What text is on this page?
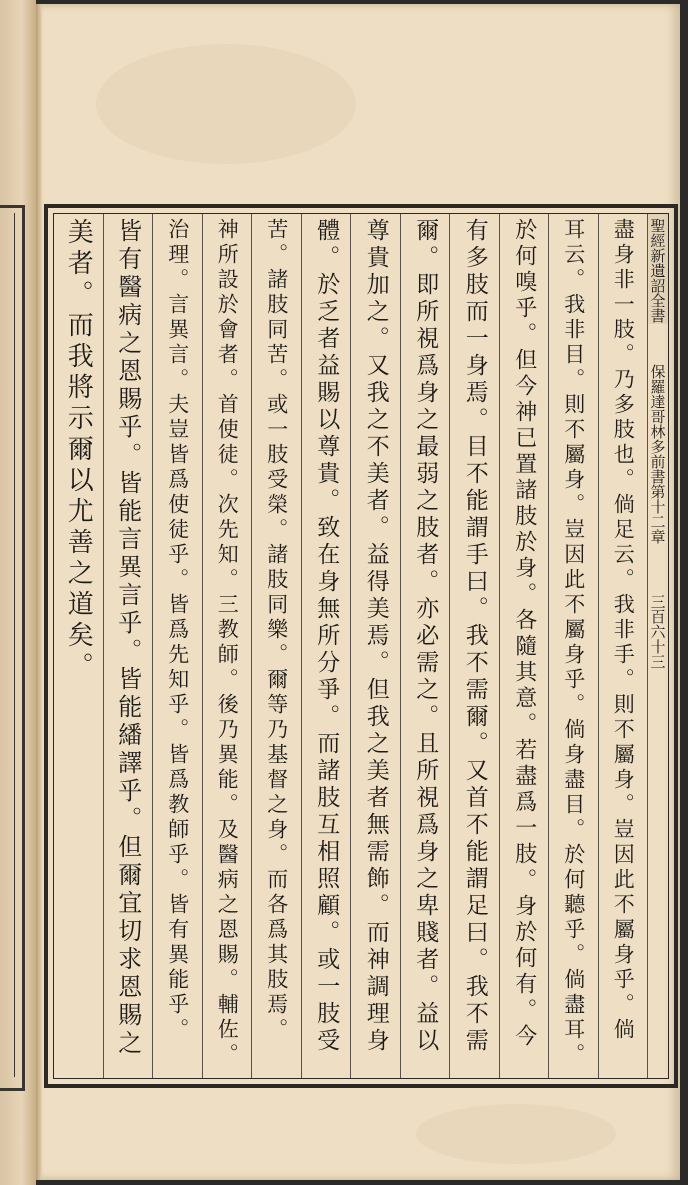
聖經新遺詔全書
保羅達哥林多前書第十二章
三百六十三
盡身非一肢。乃多肢也。倘足云。我非手。則不屬身。豈因此不屬身乎。倘
耳云。我非目。則不屬身。豈因此不屬身乎。倘身盡目。於何聽乎。倘盡耳。
於何嗅乎。但今神已置諸肢於身。各隨其意。若盡爲一肢。身於何有。今
有多肢而一身焉。目不能謂手曰。我不需爾。又首不能謂足曰。我不需
爾。即所視爲身之最弱之肢者。亦必需之。且所視爲身之卑賤者。益以
尊貴加之。又我之不美者。益得美焉。但我之美者無需飾。而神調理身
體。於乏者益賜以尊貴。致在身無所分爭。而諸肢互相照顧。或一肢受
苦。諸肢同苦。或一肢受榮。諸肢同樂。爾等乃基督之身。而各爲其肢焉。
神所設於會者。首使徒。次先知。三教師。後乃異能。及醫病之恩賜。輔佐。
治理。言異言。夫豈皆爲使徒乎。皆爲先知乎。皆爲教師乎。皆有異能乎。
皆有醫病之恩賜乎。皆能言異言乎。皆能繙譯乎。但爾宜切求恩賜之
美者。而我將示爾以尤善之道矣。
